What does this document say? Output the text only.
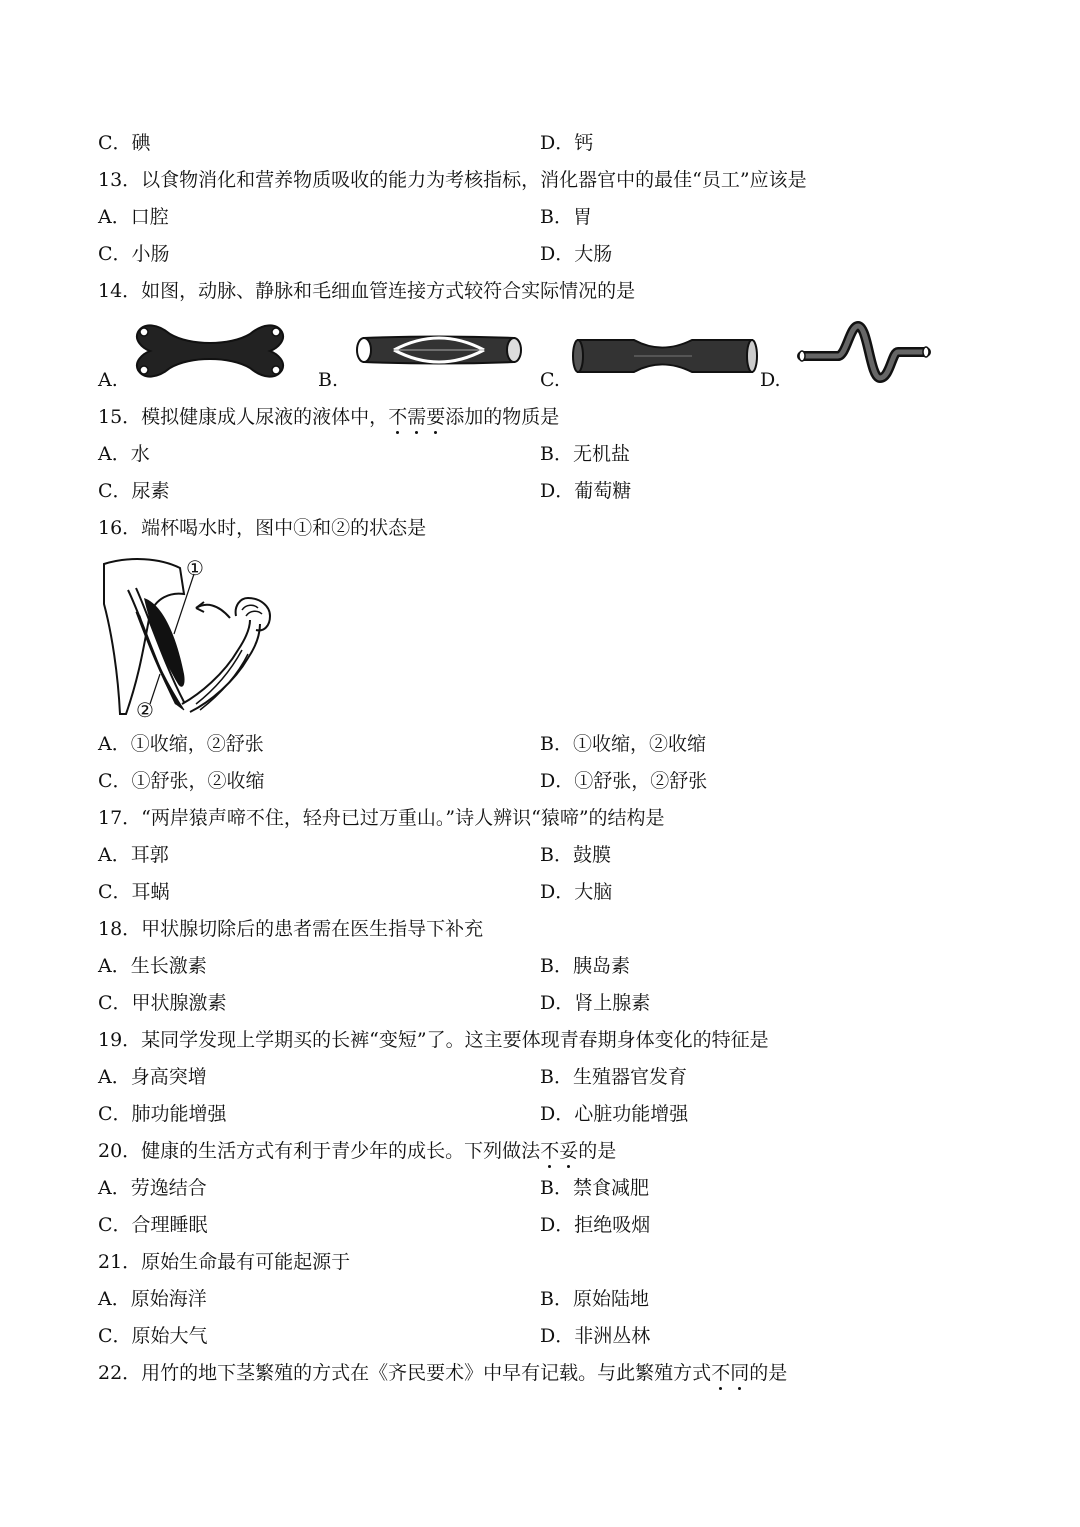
C．碘	D．钙
13．以食物消化和营养物质吸收的能力为考核指标，消化器官中的最佳“员工”应该是
A．口腔	B．胃
C．小肠	D．大肠
14．如图，动脉、静脉和毛细血管连接方式较符合实际情况的是
A.	B.	C.	D.
15．模拟健康成人尿液的液体中，不需要添加的物质是
A．水	B．无机盐
C．尿素	D．葡萄糖
16．端杯喝水时，图中①和②的状态是
①
②
A．①收缩，②舒张	B．①收缩，②收缩
C．①舒张，②收缩	D．①舒张，②舒张
17．“两岸猿声啼不住，轻舟已过万重山。”诗人辨识“猿啼”的结构是
A．耳郭	B．鼓膜
C．耳蜗	D．大脑
18．甲状腺切除后的患者需在医生指导下补充
A．生长激素	B．胰岛素
C．甲状腺激素	D．肾上腺素
19．某同学发现上学期买的长裤“变短”了。这主要体现青春期身体变化的特征是
A．身高突增	B．生殖器官发育
C．肺功能增强	D．心脏功能增强
20．健康的生活方式有利于青少年的成长。下列做法不妥的是
A．劳逸结合	B．禁食减肥
C．合理睡眠	D．拒绝吸烟
21．原始生命最有可能起源于
A．原始海洋	B．原始陆地
C．原始大气	D．非洲丛林
22．用竹的地下茎繁殖的方式在《齐民要术》中早有记载。与此繁殖方式不同的是
